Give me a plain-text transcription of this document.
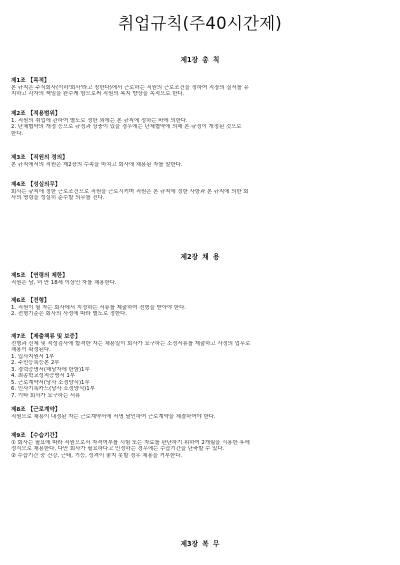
취업규칙(주40시간제)
제1장 총 칙

제1조 【목적】

본 규칙은 주식회사(이하'회사'라고 칭한다)에서 근로하는 직원의 근로조건을 정하여 직장의 질서를 유

지하고 각자의 책임을 완수케 함으로써 직원의 복지 향상을 목적으로 한다.

제2조 【적용범위】

1. 직원의 취업에 관하여 별도로 정한 외에는 본 규칙에 정하는 바에 의한다.

2. 단체협약의 개정 등으로 규정과 상충이 있을 경우에는 단체협약에 의해 본 규정이 개정된 것으로

한다.

제3조 【직원의 정의】

본 규칙에서의 직원은 제2장의 수속을 마치고 회사에 채용된 자를 말한다.

제4조 【성실의무】

회사는 규칙에 정한 근로조건으로 직원을 근로시키며 직원은 본 규칙에 정한 사항과 본 규칙에 의한 회

사의 명령을 성실히 준수할 의무를 진다.

제2장 채 용

제5조 【연령의 제한】

직원은 남, 녀 만 18세 이상인 자를 채용한다.

제6조 【전형】

1. 직원이 될 자는 회사에서 지정하는 서류를 제출하여 전형을 받아야 한다.

2. 전형기준은 회사의 사정에 따라 별도로 정한다.

제7조 【제출책류 및 보증】

전형과 신체 및 적성검사에 합격한 자는 채용일이 회사가 요구하는 소정서류를 제출하고 사정의 업무로

채용이 확정된다.

1. 입사지원서 1부

2. 주민등록등본 2부

3. 경력증명서(해당자에 한함)1부

4. 최종학교성적증명서 1부

5. 근로계약서(당사 소정양식)1부

6. 인사기록카드(당사 소정양식)1부

7. 기타 회사가 요구하는 서류

제8조 【근로계약】

직원으로 채용이 내정된 자는 근로계약서에 서명 날인하여 근로계약을 체결하여야 한다.

제9조 【수습기간】

① 회사는 필요에 따라 직원으로서 자격여부를 시험 또는 자료를 판단하기 위하여 2개월을 시용한 후에

정식으로 채용한다. 다만 회사가 필요하다고 인정하는 경우에는 수습기간을 단축할 수 있다.

② 수습기간 중 건강, 근태, 기능, 성격이 좋지 못할 경우 채용을 거부한다.

제3장 복 무
